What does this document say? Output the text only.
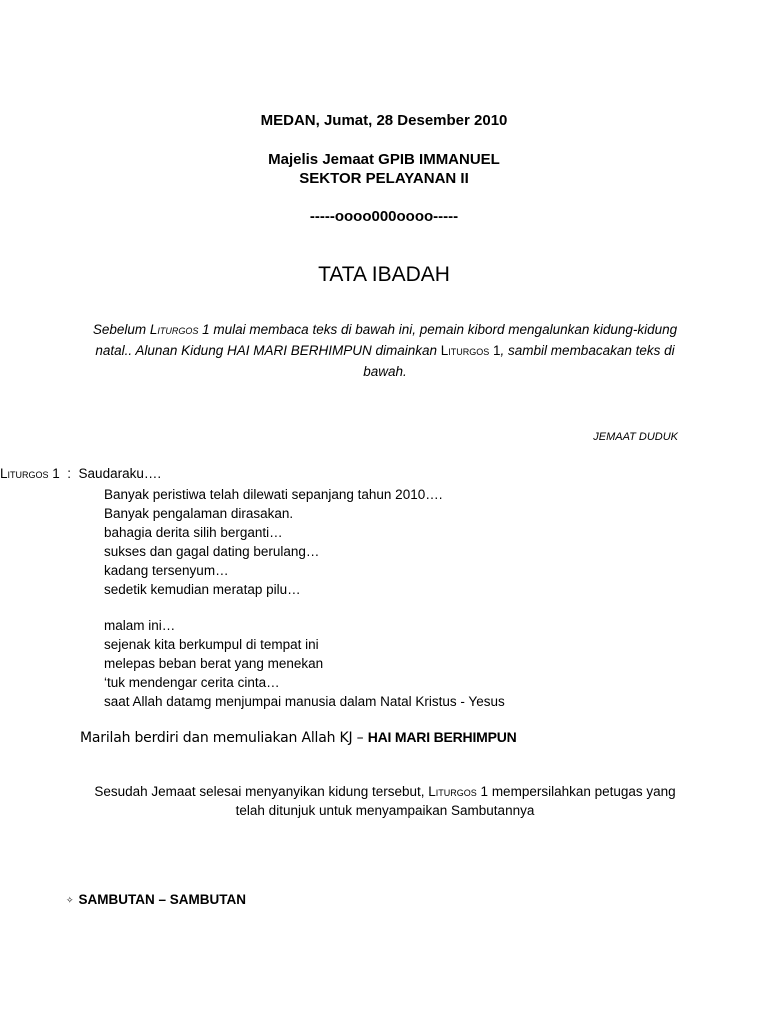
MEDAN, Jumat, 28 Desember 2010
Majelis Jemaat GPIB IMMANUEL
SEKTOR PELAYANAN II
-----oooo000oooo-----
TATA IBADAH
Sebelum Liturgos 1 mulai membaca teks di bawah ini, pemain kibord mengalunkan kidung-kidung natal.. Alunan Kidung HAI MARI BERHIMPUN dimainkan Liturgos 1, sambil membacakan teks di bawah.
JEMAAT DUDUK
Liturgos 1  :  Saudaraku….
Banyak peristiwa telah dilewati sepanjang tahun 2010….
Banyak pengalaman dirasakan.
bahagia derita silih berganti…
sukses dan gagal dating berulang…
kadang tersenyum…
sedetik kemudian meratap pilu…
malam ini…
sejenak kita berkumpul di tempat ini
melepas beban berat yang menekan
‘tuk mendengar cerita cinta…
saat Allah datamg menjumpai manusia dalam Natal Kristus - Yesus
Marilah berdiri dan memuliakan Allah KJ – HAI MARI BERHIMPUN
Sesudah Jemaat selesai menyanyikan kidung tersebut, Liturgos 1 mempersilahkan petugas yang telah ditunjuk untuk menyampaikan Sambutannya
✧ SAMBUTAN – SAMBUTAN
